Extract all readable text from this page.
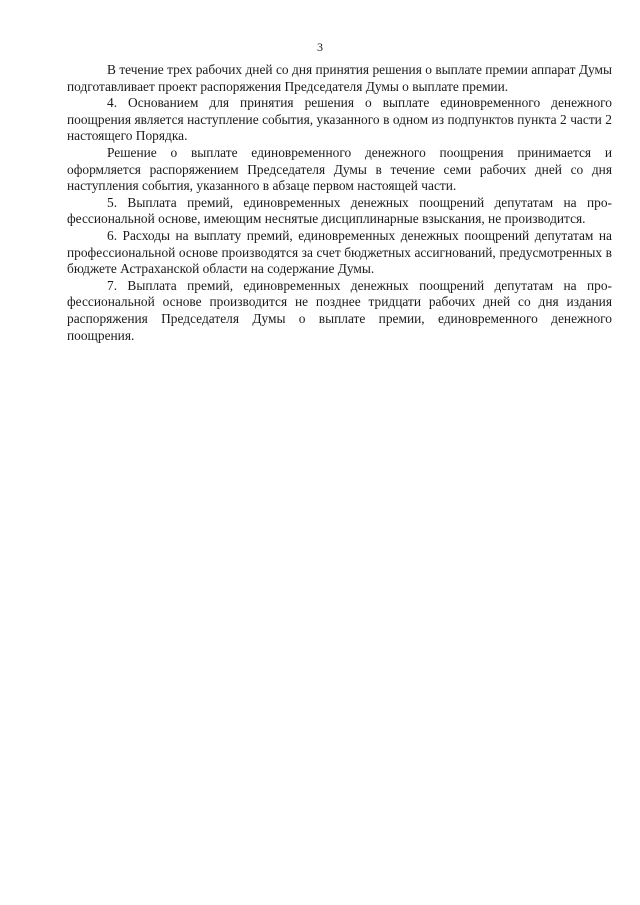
3

В течение трех рабочих дней со дня принятия решения о выплате премии аппарат Думы подготавливает проект распоряжения Председателя Думы о выплате премии.

4. Основанием для принятия решения о выплате единовременного денежного поощрения является наступление события, указанного в одном из подпунктов пункта 2 части 2 настоящего Порядка.

Решение о выплате единовременного денежного поощрения принимается и оформляется распоряжением Председателя Думы в течение семи рабочих дней со дня наступления события, указанного в абзаце первом настоящей части.

5. Выплата премий, единовременных денежных поощрений депутатам на профессиональной основе, имеющим неснятые дисциплинарные взыскания, не производится.

6. Расходы на выплату премий, единовременных денежных поощрений депутатам на профессиональной основе производятся за счет бюджетных ассигнований, предусмотренных в бюджете Астраханской области на содержание Думы.

7. Выплата премий, единовременных денежных поощрений депутатам на профессиональной основе производится не позднее тридцати рабочих дней со дня издания распоряжения Председателя Думы о выплате премии, единовременного денежного поощрения.
